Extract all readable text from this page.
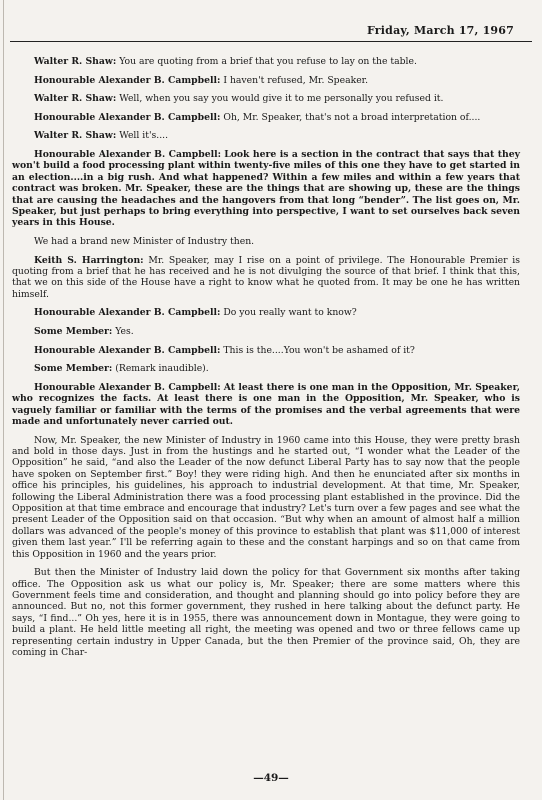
Friday, March 17, 1967

Walter R. Shaw: You are quoting from a brief that you refuse to lay on the table.

Honourable Alexander B. Campbell: I haven't refused, Mr. Speaker.

Walter R. Shaw: Well, when you say you would give it to me personally you refused it.

Honourable Alexander B. Campbell: Oh, Mr. Speaker, that's not a broad interpretation of....

Walter R. Shaw: Well it's....

Honourable Alexander B. Campbell: Look here is a section in the contract that says that they won't build a food processing plant within twenty-five miles of this one they have to get started in an election....in a big rush. And what happened? Within a few miles and within a few years that contract was broken. Mr. Speaker, these are the things that are showing up, these are the things that are causing the headaches and the hangovers from that long “bender”. The list goes on, Mr. Speaker, but just perhaps to bring everything into perspective, I want to set ourselves back seven years in this House.

We had a brand new Minister of Industry then.

Keith S. Harrington: Mr. Speaker, may I rise on a point of privilege. The Honourable Premier is quoting from a brief that he has received and he is not divulging the source of that brief. I think that this, that we on this side of the House have a right to know what he quoted from. It may be one he has written himself.

Honourable Alexander B. Campbell: Do you really want to know?

Some Member: Yes.

Honourable Alexander B. Campbell: This is the....You won't be ashamed of it?

Some Member: (Remark inaudible).

Honourable Alexander B. Campbell: At least there is one man in the Opposition, Mr. Speaker, who recognizes the facts. At least there is one man in the Opposition, Mr. Speaker, who is vaguely familiar or familiar with the terms of the promises and the verbal agreements that were made and unfortunately never carried out.

Now, Mr. Speaker, the new Minister of Industry in 1960 came into this House, they were pretty brash and bold in those days. Just in from the hustings and he started out, “I wonder what the Leader of the Opposition” he said, “and also the Leader of the now defunct Liberal Party has to say now that the people have spoken on September first.” Boy! they were riding high. And then he enunciated after six months in office his principles, his guidelines, his approach to industrial development. At that time, Mr. Speaker, following the Liberal Administration there was a food processing plant established in the province. Did the Opposition at that time embrace and encourage that industry? Let's turn over a few pages and see what the present Leader of the Opposition said on that occasion. “But why when an amount of almost half a million dollars was advanced of the people's money of this province to establish that plant was $11,000 of interest given them last year.” I'll be referring again to these and the constant harpings and so on that came from this Opposition in 1960 and the years prior.

But then the Minister of Industry laid down the policy for that Government six months after taking office. The Opposition ask us what our policy is, Mr. Speaker; there are some matters where this Government feels time and consideration, and thought and planning should go into policy before they are announced. But no, not this former government, they rushed in here talking about the defunct party. He says, “I find...” Oh yes, here it is in 1955, there was announcement down in Montague, they were going to build a plant. He held little meeting all right, the meeting was opened and two or three fellows came up representing certain industry in Upper Canada, but the then Premier of the province said, Oh, they are coming in Char-

—49—
